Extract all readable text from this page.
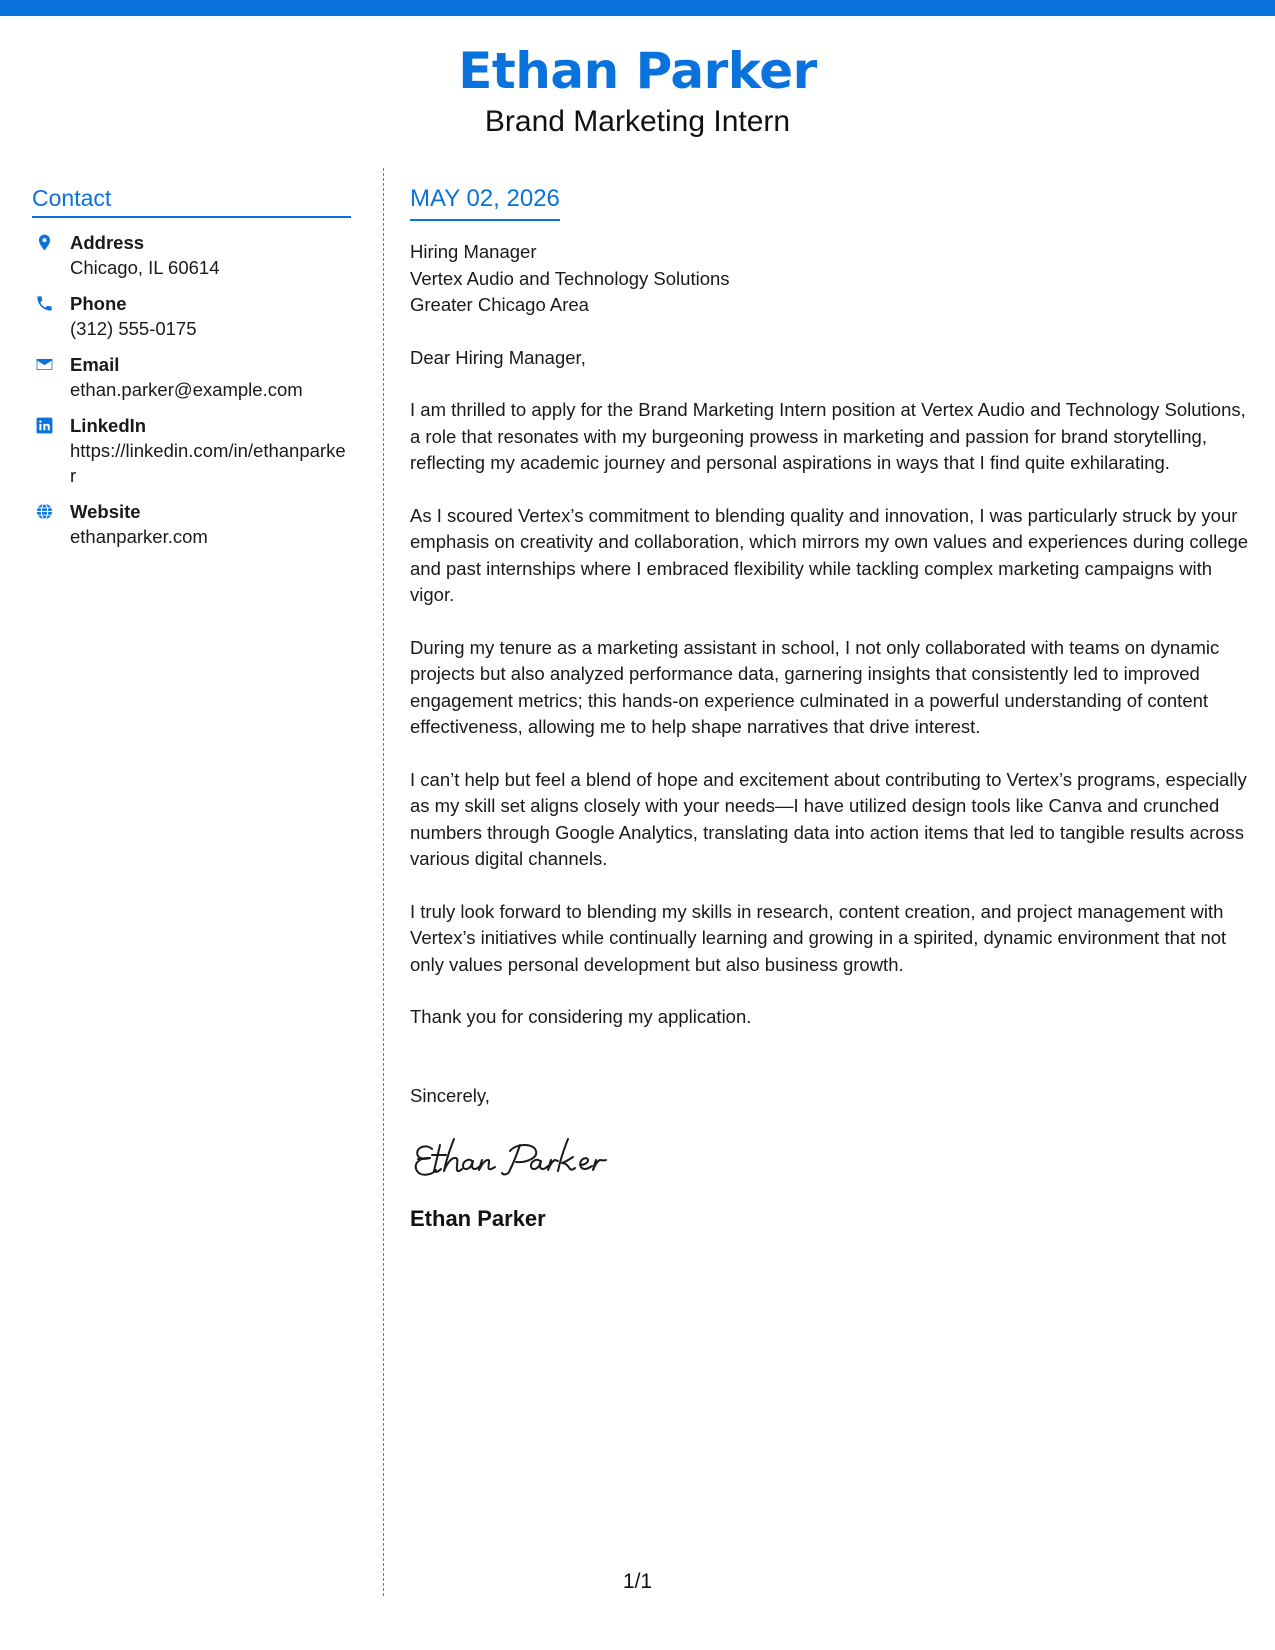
Ethan Parker
Brand Marketing Intern
Contact
Address
Chicago, IL 60614
Phone
(312) 555-0175
Email
ethan.parker@example.com
LinkedIn
https://linkedin.com/in/ethanparker
Website
ethanparker.com
MAY 02, 2026
Hiring Manager
Vertex Audio and Technology Solutions
Greater Chicago Area
Dear Hiring Manager,
I am thrilled to apply for the Brand Marketing Intern position at Vertex Audio and Technology Solutions, a role that resonates with my burgeoning prowess in marketing and passion for brand storytelling, reflecting my academic journey and personal aspirations in ways that I find quite exhilarating.
As I scoured Vertex’s commitment to blending quality and innovation, I was particularly struck by your emphasis on creativity and collaboration, which mirrors my own values and experiences during college and past internships where I embraced flexibility while tackling complex marketing campaigns with vigor.
During my tenure as a marketing assistant in school, I not only collaborated with teams on dynamic projects but also analyzed performance data, garnering insights that consistently led to improved engagement metrics; this hands-on experience culminated in a powerful understanding of content effectiveness, allowing me to help shape narratives that drive interest.
I can’t help but feel a blend of hope and excitement about contributing to Vertex’s programs, especially as my skill set aligns closely with your needs—I have utilized design tools like Canva and crunched numbers through Google Analytics, translating data into action items that led to tangible results across various digital channels.
I truly look forward to blending my skills in research, content creation, and project management with Vertex’s initiatives while continually learning and growing in a spirited, dynamic environment that not only values personal development but also business growth.
Thank you for considering my application.
Sincerely,
Ethan Parker
1/1
